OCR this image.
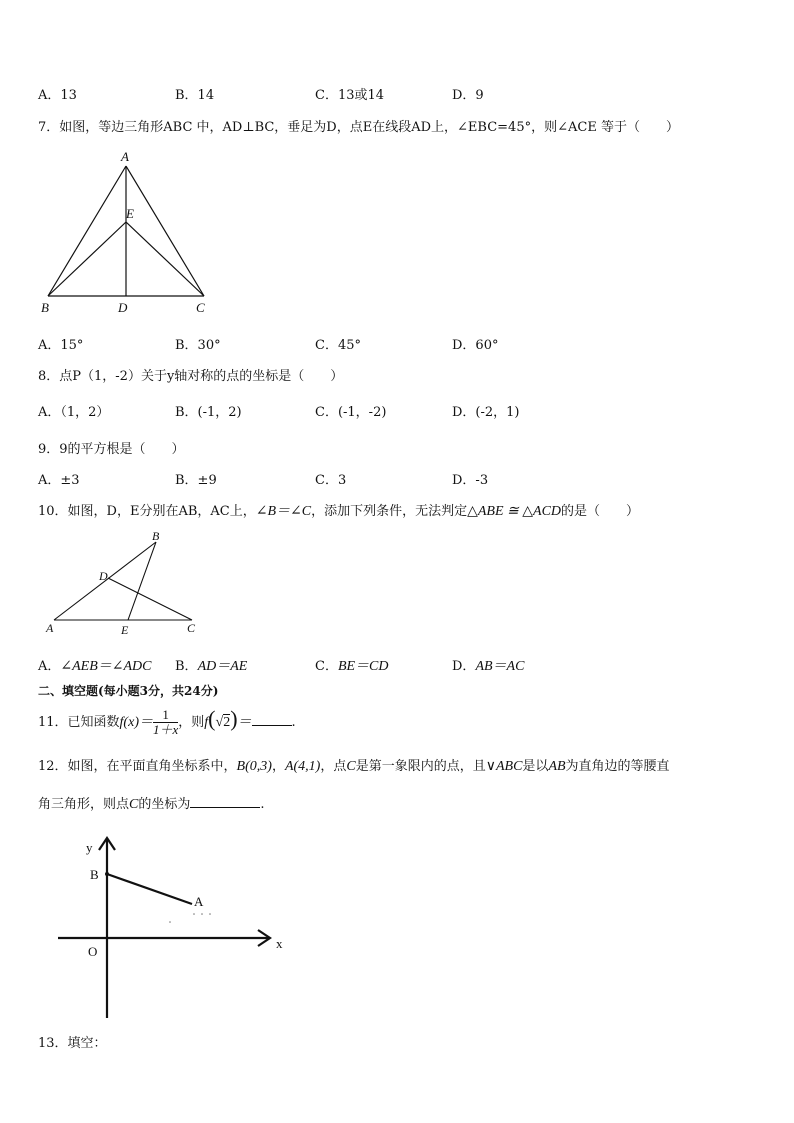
A．13	B．14	C．13或14	D．9
7．如图，等边三角形ABC 中，AD⊥BC，垂足为D，点E在线段AD上，∠EBC=45°，则∠ACE 等于（　　）
A
E
B	D	C
A．15°	B．30°	C．45°	D．60°
8．点P（1，-2）关于y轴对称的点的坐标是（　　）
A．（1，2）	B．(-1，2)	C．(-1，-2)	D．(-2，1)
9．9的平方根是（　　）
A．±3	B．±9	C．3	D．-3
10．如图，D，E分别在AB，AC上，∠B＝∠C，添加下列条件，无法判定△ABE ≅ △ACD的是（　　）
B
D
A	E	C
A．∠AEB＝∠ADC B．AD＝AE	C．BE＝CD	D．AB＝AC
二、填空题(每小题3分，共24分)
11．已知函数$f(x)= \frac{1}{1+x}$ ，则f(√2)＝	.
12．如图，在平面直角坐标系中，B(0,3)，A(4,1)，点C是第一象限内的点，且∨ABC是以AB为直角边的等腰直
角三角形，则点C的坐标为	.
y
x
O
B
A
13．填空：
